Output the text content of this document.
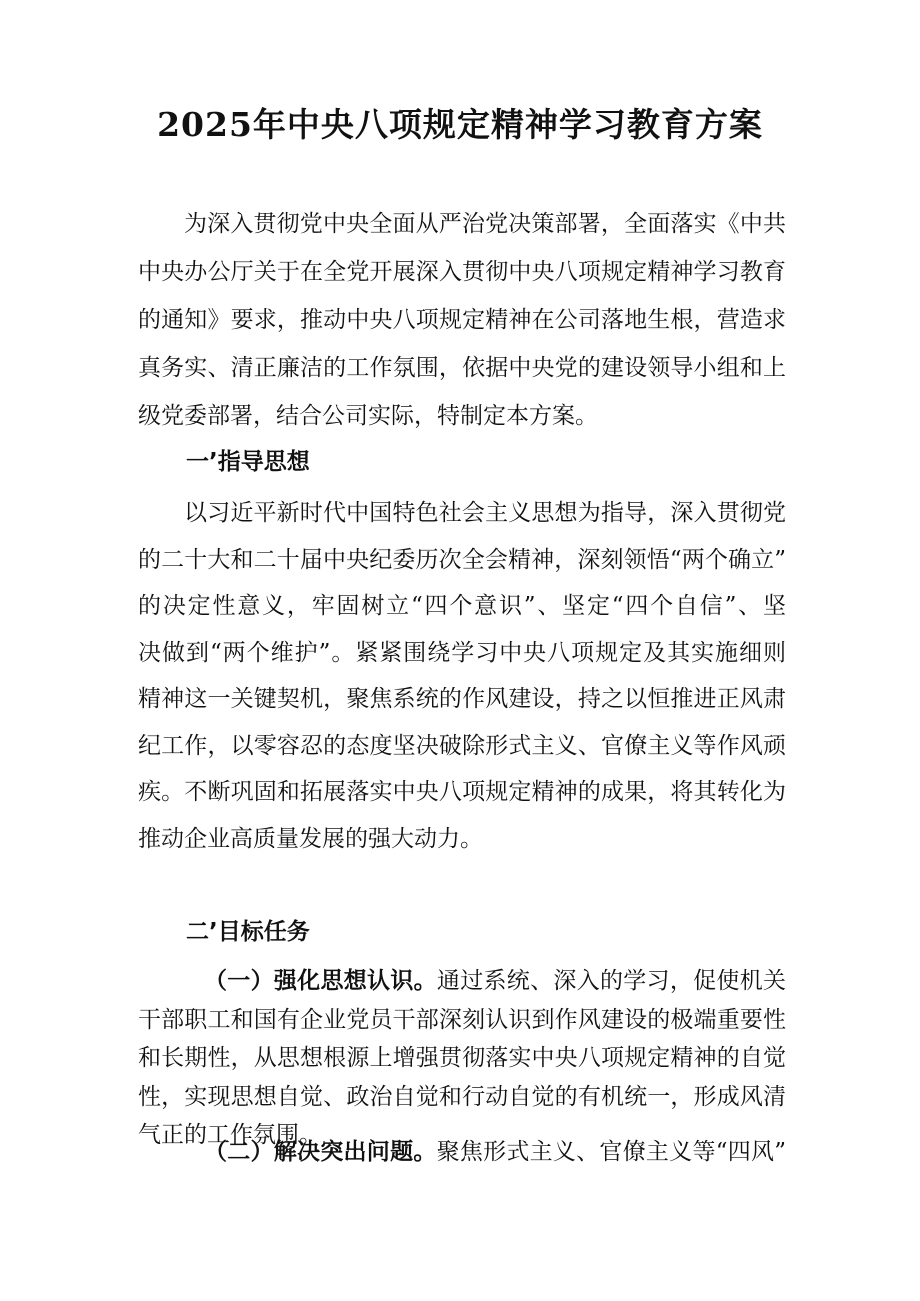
2025年中央八项规定精神学习教育方案
为深入贯彻党中央全面从严治党决策部署，全面落实《中共
中央办公厅关于在全党开展深入贯彻中央八项规定精神学习教育
的通知》要求，推动中央八项规定精神在公司落地生根，营造求
真务实、清正廉洁的工作氛围，依据中央党的建设领导小组和上
级党委部署，结合公司实际，特制定本方案。
一’指导思想
以习近平新时代中国特色社会主义思想为指导，深入贯彻党
的二十大和二十届中央纪委历次全会精神，深刻领悟“两个确立”
的决定性意义，牢固树立“四个意识”、坚定“四个自信”、坚
决做到“两个维护”。紧紧围绕学习中央八项规定及其实施细则
精神这一关键契机，聚焦系统的作风建设，持之以恒推进正风肃
纪工作，以零容忍的态度坚决破除形式主义、官僚主义等作风顽
疾。不断巩固和拓展落实中央八项规定精神的成果，将其转化为
推动企业高质量发展的强大动力。
二’目标任务
（一）强化思想认识。通过系统、深入的学习，促使机关
干部职工和国有企业党员干部深刻认识到作风建设的极端重要性
和长期性，从思想根源上增强贯彻落实中央八项规定精神的自觉
性，实现思想自觉、政治自觉和行动自觉的有机统一，形成风清
气正的工作氛围。
（二）解决突出问题。聚焦形式主义、官僚主义等“四风”
